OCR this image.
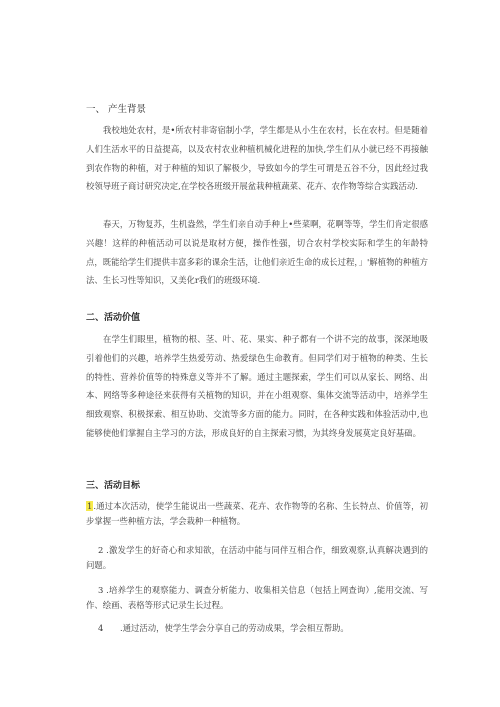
一、 产生背景
我校地处农村，是•所农村非寄宿制小学，学生都是从小生在农村，长在农村。但是随着人们生活水平的日益提高，以及农村农业种植机械化进程的加快,学生们从小就已经不再接触到农作物的种植，对于种植的知识了解极少，导致如今的学生可谓是五谷不分，因此经过我校领导班子商讨研究决定,在学校各班级开展盆栽种植蔬菜、花卉、农作物等综合实践活动.
春天，万物复苏，生机盎然，学生们亲自动手种上•些菜啊，花啊等等，学生们肯定很感兴趣！这样的种植活动可以说是取材方便，操作性强，切合农村学校实际和学生的年龄特点，既能给学生们提供丰富多彩的课余生活，让他们亲近生命的成长过程，」'解植物的种植方法、生长习性等知识，又美化r我们的班级环境.
二、活动价值
在学生们眼里，植物的根、茎、叶、花、果实、种子都有一个讲不完的故事，深深地吸引着他们的兴趣，培养学生热爱劳动、热爱绿色生命教育。但同学们对于植物的种类、生长的特性、营养价值等的特殊意义等并不了解。通过主题探索，学生们可以从家长、网络、出本、网络等多种途径来获得有关植物的知识，并在小组观察、集体交流等活动中，培养学生细致观察、积极探索、相互协助、交流等多方面的能力。同时，在各种实践和体验活动中,也能够使他们掌握自主学习的方法，形成良好的自主探索习惯，为其终身发展莫定良好基础。
三、活动目标
1.通过本次活动，使学生能说出一些蔬菜、花卉、农作物等的名称、生长特点、价值等，初步掌握一些种植方法，学会栽种一种植物。
2 .激发学生的好奇心和求知欲，在活动中能与同伴互相合作，细致观察,认真解决遇到的问题。
3 .培养学生的观察能力、调查分析能力、收集相关信息（包括上网查询）,能用交流、写作、绘画、表格等形式记录生长过程。
4 .通过活动，使学生学会分享自己的劳动成果，学会相互帮助。
